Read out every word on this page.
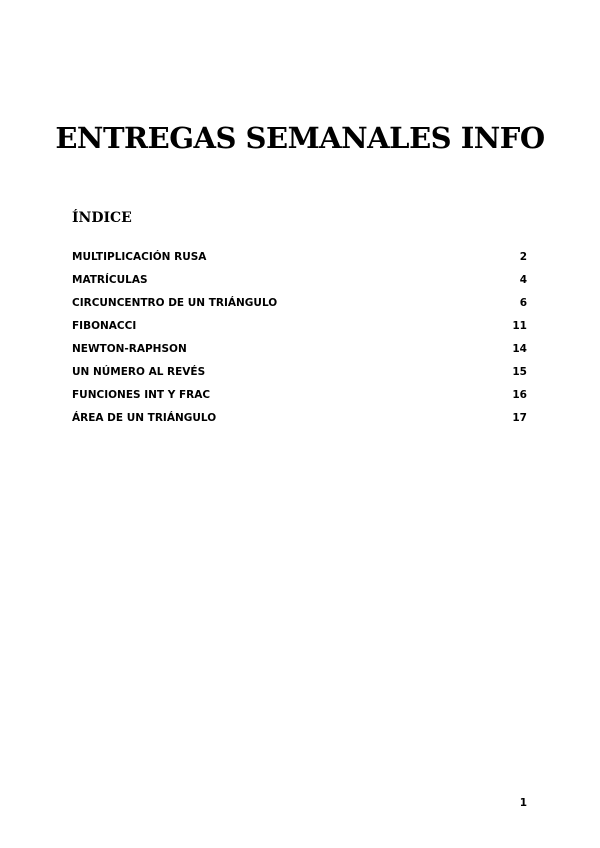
ENTREGAS SEMANALES INFO
ÍNDICE
MULTIPLICACIÓN RUSA	2
MATRÍCULAS	4
CIRCUNCENTRO DE UN TRIÁNGULO	6
FIBONACCI	11
NEWTON-RAPHSON	14
UN NÚMERO AL REVÉS	15
FUNCIONES INT Y FRAC	16
ÁREA DE UN TRIÁNGULO	17
1
